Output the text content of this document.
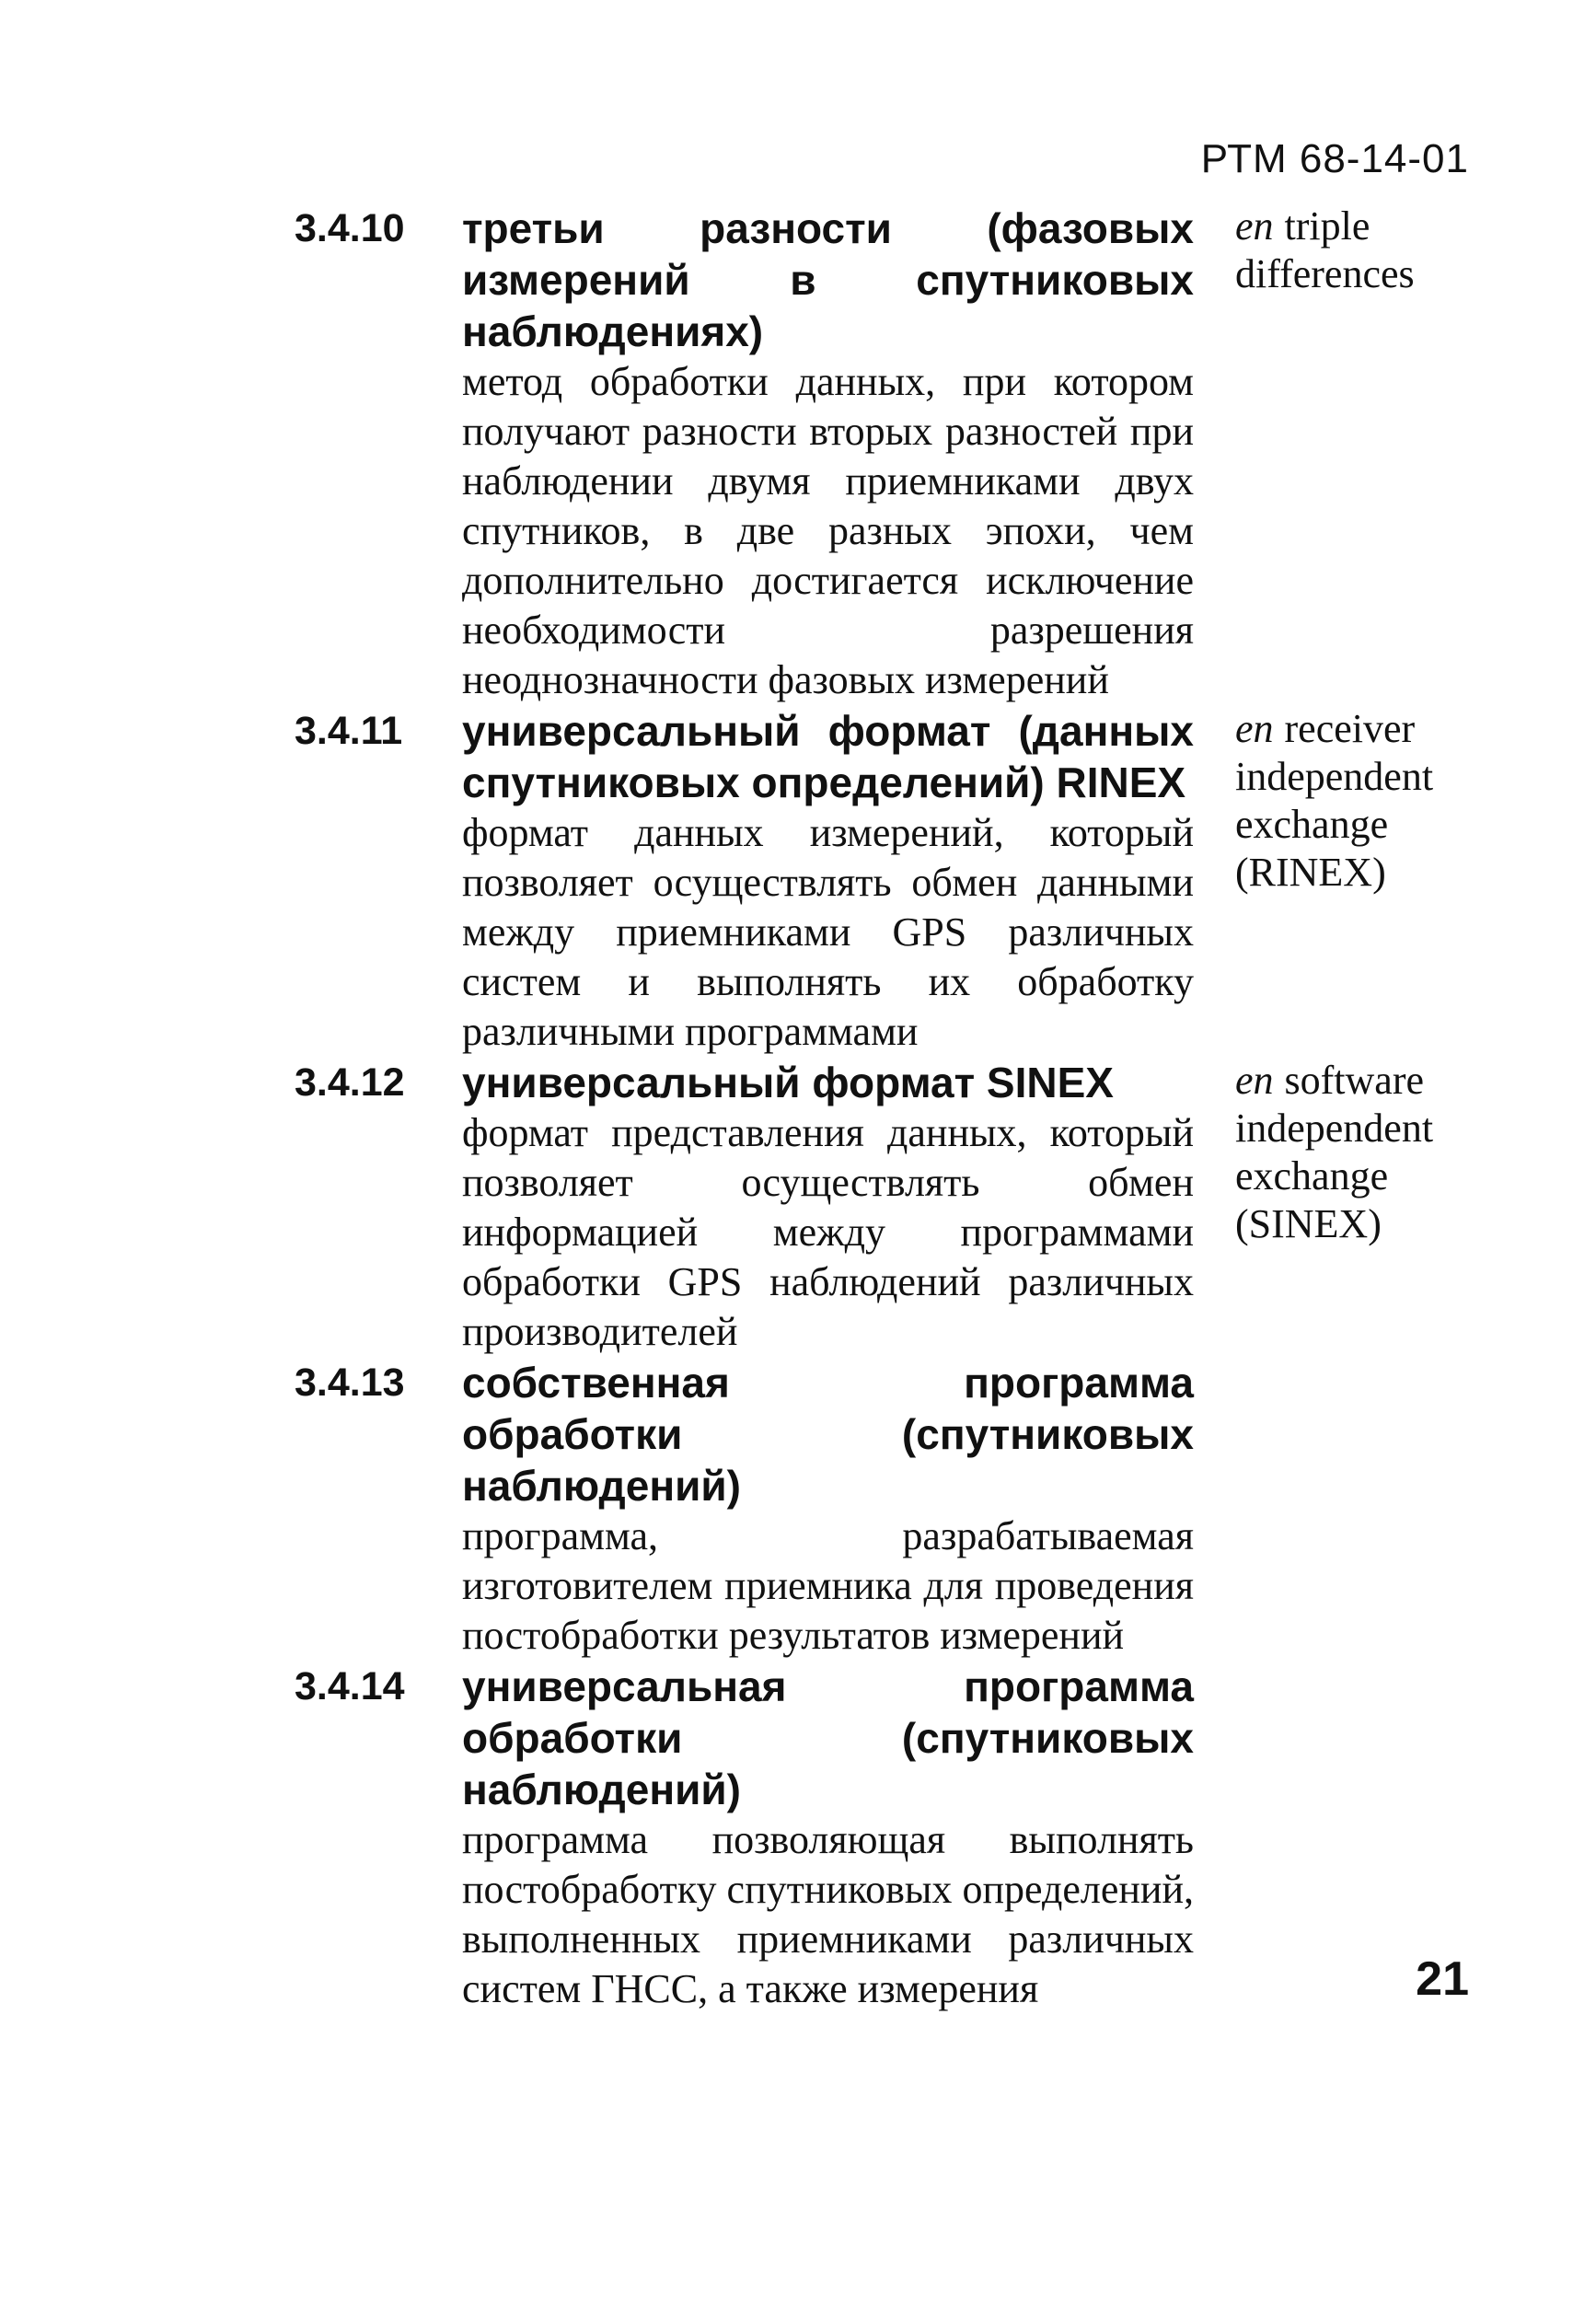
РТМ 68-14-01
3.4.10	третьи разности (фазовых измерений в спутниковых наблюдениях)
метод обработки данных, при котором получают разности вторых разностей при наблюдении двумя приемниками двух спутников, в две разных эпохи, чем дополнительно достигается исключение необходимости разрешения неоднозначности фазовых измерений
en triple differences
3.4.11	универсальный формат (данных спутниковых определений) RINEX
формат данных измерений, который позволяет осуществлять обмен данными между приемниками GPS различных систем и выполнять их обработку различными программами
en receiver independent exchange (RINEX)
3.4.12	универсальный формат SINEX
формат представления данных, который позволяет осуществлять обмен информацией между программами обработки GPS наблюдений различных производителей
en software independent exchange (SINEX)
3.4.13	собственная программа обработки (спутниковых наблюдений)
программа, разрабатываемая изготовителем приемника для проведения постобработки результатов измерений
3.4.14	универсальная программа обработки (спутниковых наблюдений)
программа позволяющая выполнять постобработку спутниковых определений, выполненных приемниками различных систем ГНСС, а также измерения	21
